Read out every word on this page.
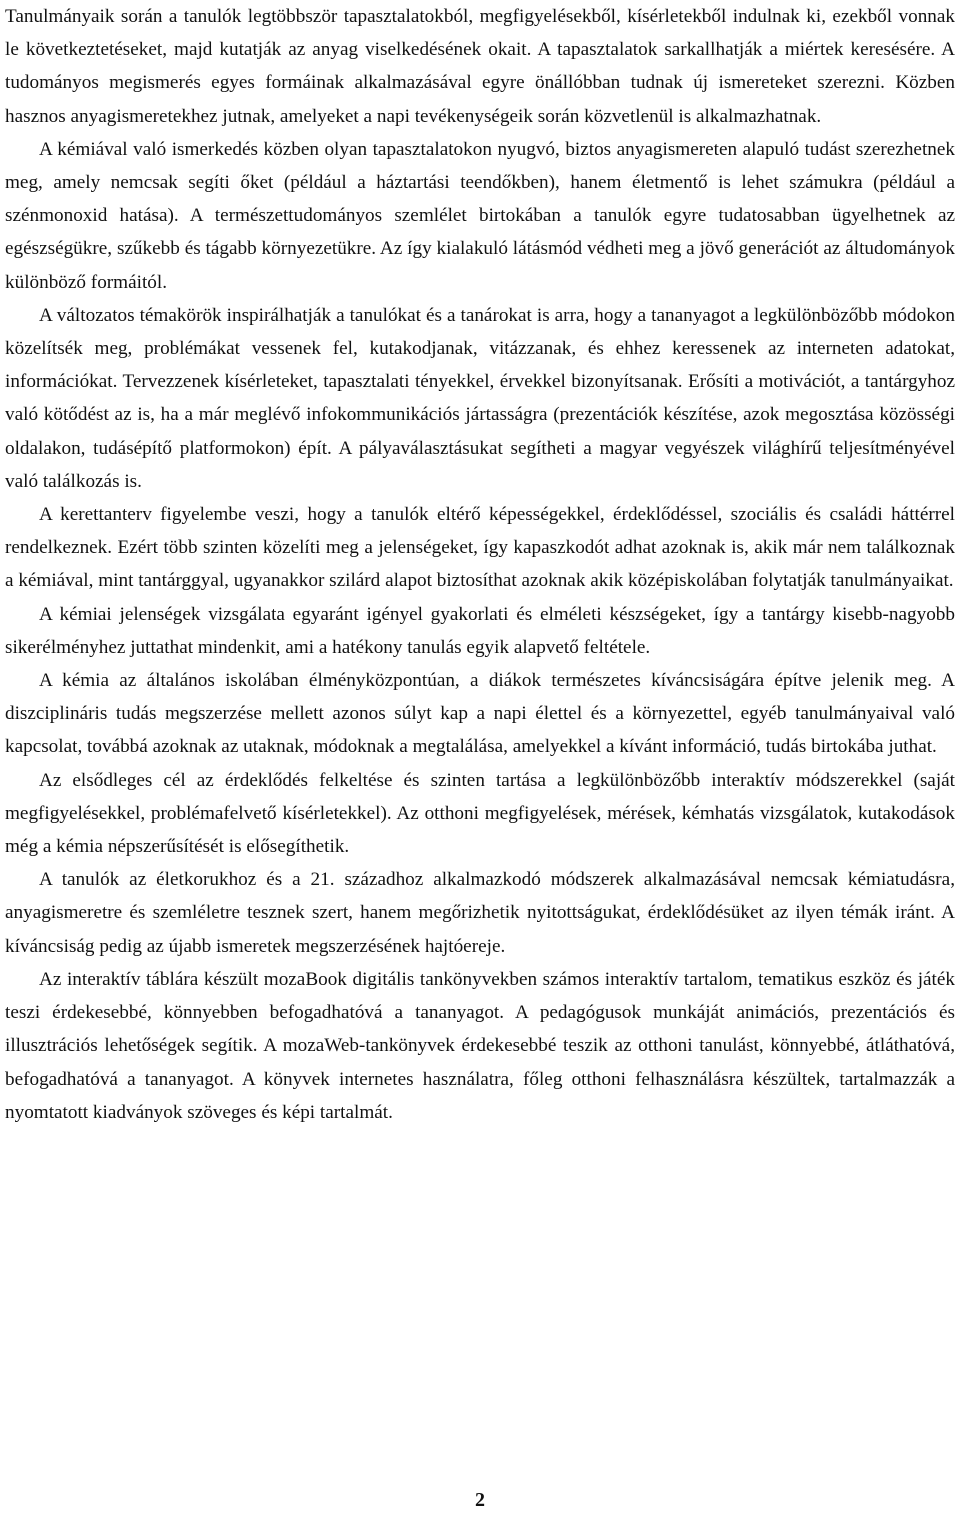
Tanulmányaik során a tanulók legtöbbször tapasztalatokból, megfigyelésekből, kísérletekből indulnak ki, ezekből vonnak le következtetéseket, majd kutatják az anyag viselkedésének okait. A tapasztalatok sarkallhatják a miértek keresésére. A tudományos megismerés egyes formáinak alkalmazásával egyre önállóbban tudnak új ismereteket szerezni. Közben hasznos anyagismeretekhez jutnak, amelyeket a napi tevékenységeik során közvetlenül is alkalmazhatnak.

A kémiával való ismerkedés közben olyan tapasztalatokon nyugvó, biztos anyagismereten alapuló tudást szerezhetnek meg, amely nemcsak segíti őket (például a háztartási teendőkben), hanem életmentő is lehet számukra (például a szénmonoxid hatása). A természettudományos szemlélet birtokában a tanulók egyre tudatosabban ügyelhetnek az egészségükre, szűkebb és tágabb környezetükre. Az így kialakuló látásmód védheti meg a jövő generációt az áltudományok különböző formáitól.

A változatos témakörök inspirálhatják a tanulókat és a tanárokat is arra, hogy a tananyagot a legkülönbözőbb módokon közelítsék meg, problémákat vessenek fel, kutakodjanak, vitázzanak, és ehhez keressenek az interneten adatokat, információkat. Tervezzenek kísérleteket, tapasztalati tényekkel, érvekkel bizonyítsanak. Erősíti a motivációt, a tantárgyhoz való kötődést az is, ha a már meglévő infokommunikációs jártasságra (prezentációk készítése, azok megosztása közösségi oldalakon, tudásépítő platformokon) épít. A pályaválasztásukat segítheti a magyar vegyészek világhírű teljesítményével való találkozás is.

A kerettanterv figyelembe veszi, hogy a tanulók eltérő képességekkel, érdeklődéssel, szociális és családi háttérrel rendelkeznek. Ezért több szinten közelíti meg a jelenségeket, így kapaszkodót adhat azoknak is, akik már nem találkoznak a kémiával, mint tantárggyal, ugyanakkor szilárd alapot biztosíthat azoknak akik középiskolában folytatják tanulmányaikat.

A kémiai jelenségek vizsgálata egyaránt igényel gyakorlati és elméleti készségeket, így a tantárgy kisebb-nagyobb sikerélményhez juttathat mindenkit, ami a hatékony tanulás egyik alapvető feltétele.

A kémia az általános iskolában élményközpontúan, a diákok természetes kíváncsiságára építve jelenik meg. A diszciplináris tudás megszerzése mellett azonos súlyt kap a napi élettel és a környezettel, egyéb tanulmányaival való kapcsolat, továbbá azoknak az utaknak, módoknak a megtalálása, amelyekkel a kívánt információ, tudás birtokába juthat.

Az elsődleges cél az érdeklődés felkeltése és szinten tartása a legkülönbözőbb interaktív módszerekkel (saját megfigyelésekkel, problémafelvető kísérletekkel). Az otthoni megfigyelések, mérések, kémhatás vizsgálatok, kutakodások még a kémia népszerűsítését is elősegíthetik.

A tanulók az életkorukhoz és a 21. századhoz alkalmazkodó módszerek alkalmazásával nemcsak kémiatudásra, anyagismeretre és szemléletre tesznek szert, hanem megőrizhetik nyitottságukat, érdeklődésüket az ilyen témák iránt. A kíváncsiság pedig az újabb ismeretek megszerzésének hajtóereje.

Az interaktív táblára készült mozaBook digitális tankönyvekben számos interaktív tartalom, tematikus eszköz és játék teszi érdekesebbé, könnyebben befogadhatóvá a tananyagot. A pedagógusok munkáját animációs, prezentációs és illusztrációs lehetőségek segítik. A mozaWeb-tankönyvek érdekesebbé teszik az otthoni tanulást, könnyebbé, átláthatóvá, befogadhatóvá a tananyagot. A könyvek internetes használatra, főleg otthoni felhasználásra készültek, tartalmazzák a nyomtatott kiadványok szöveges és képi tartalmát.

2
